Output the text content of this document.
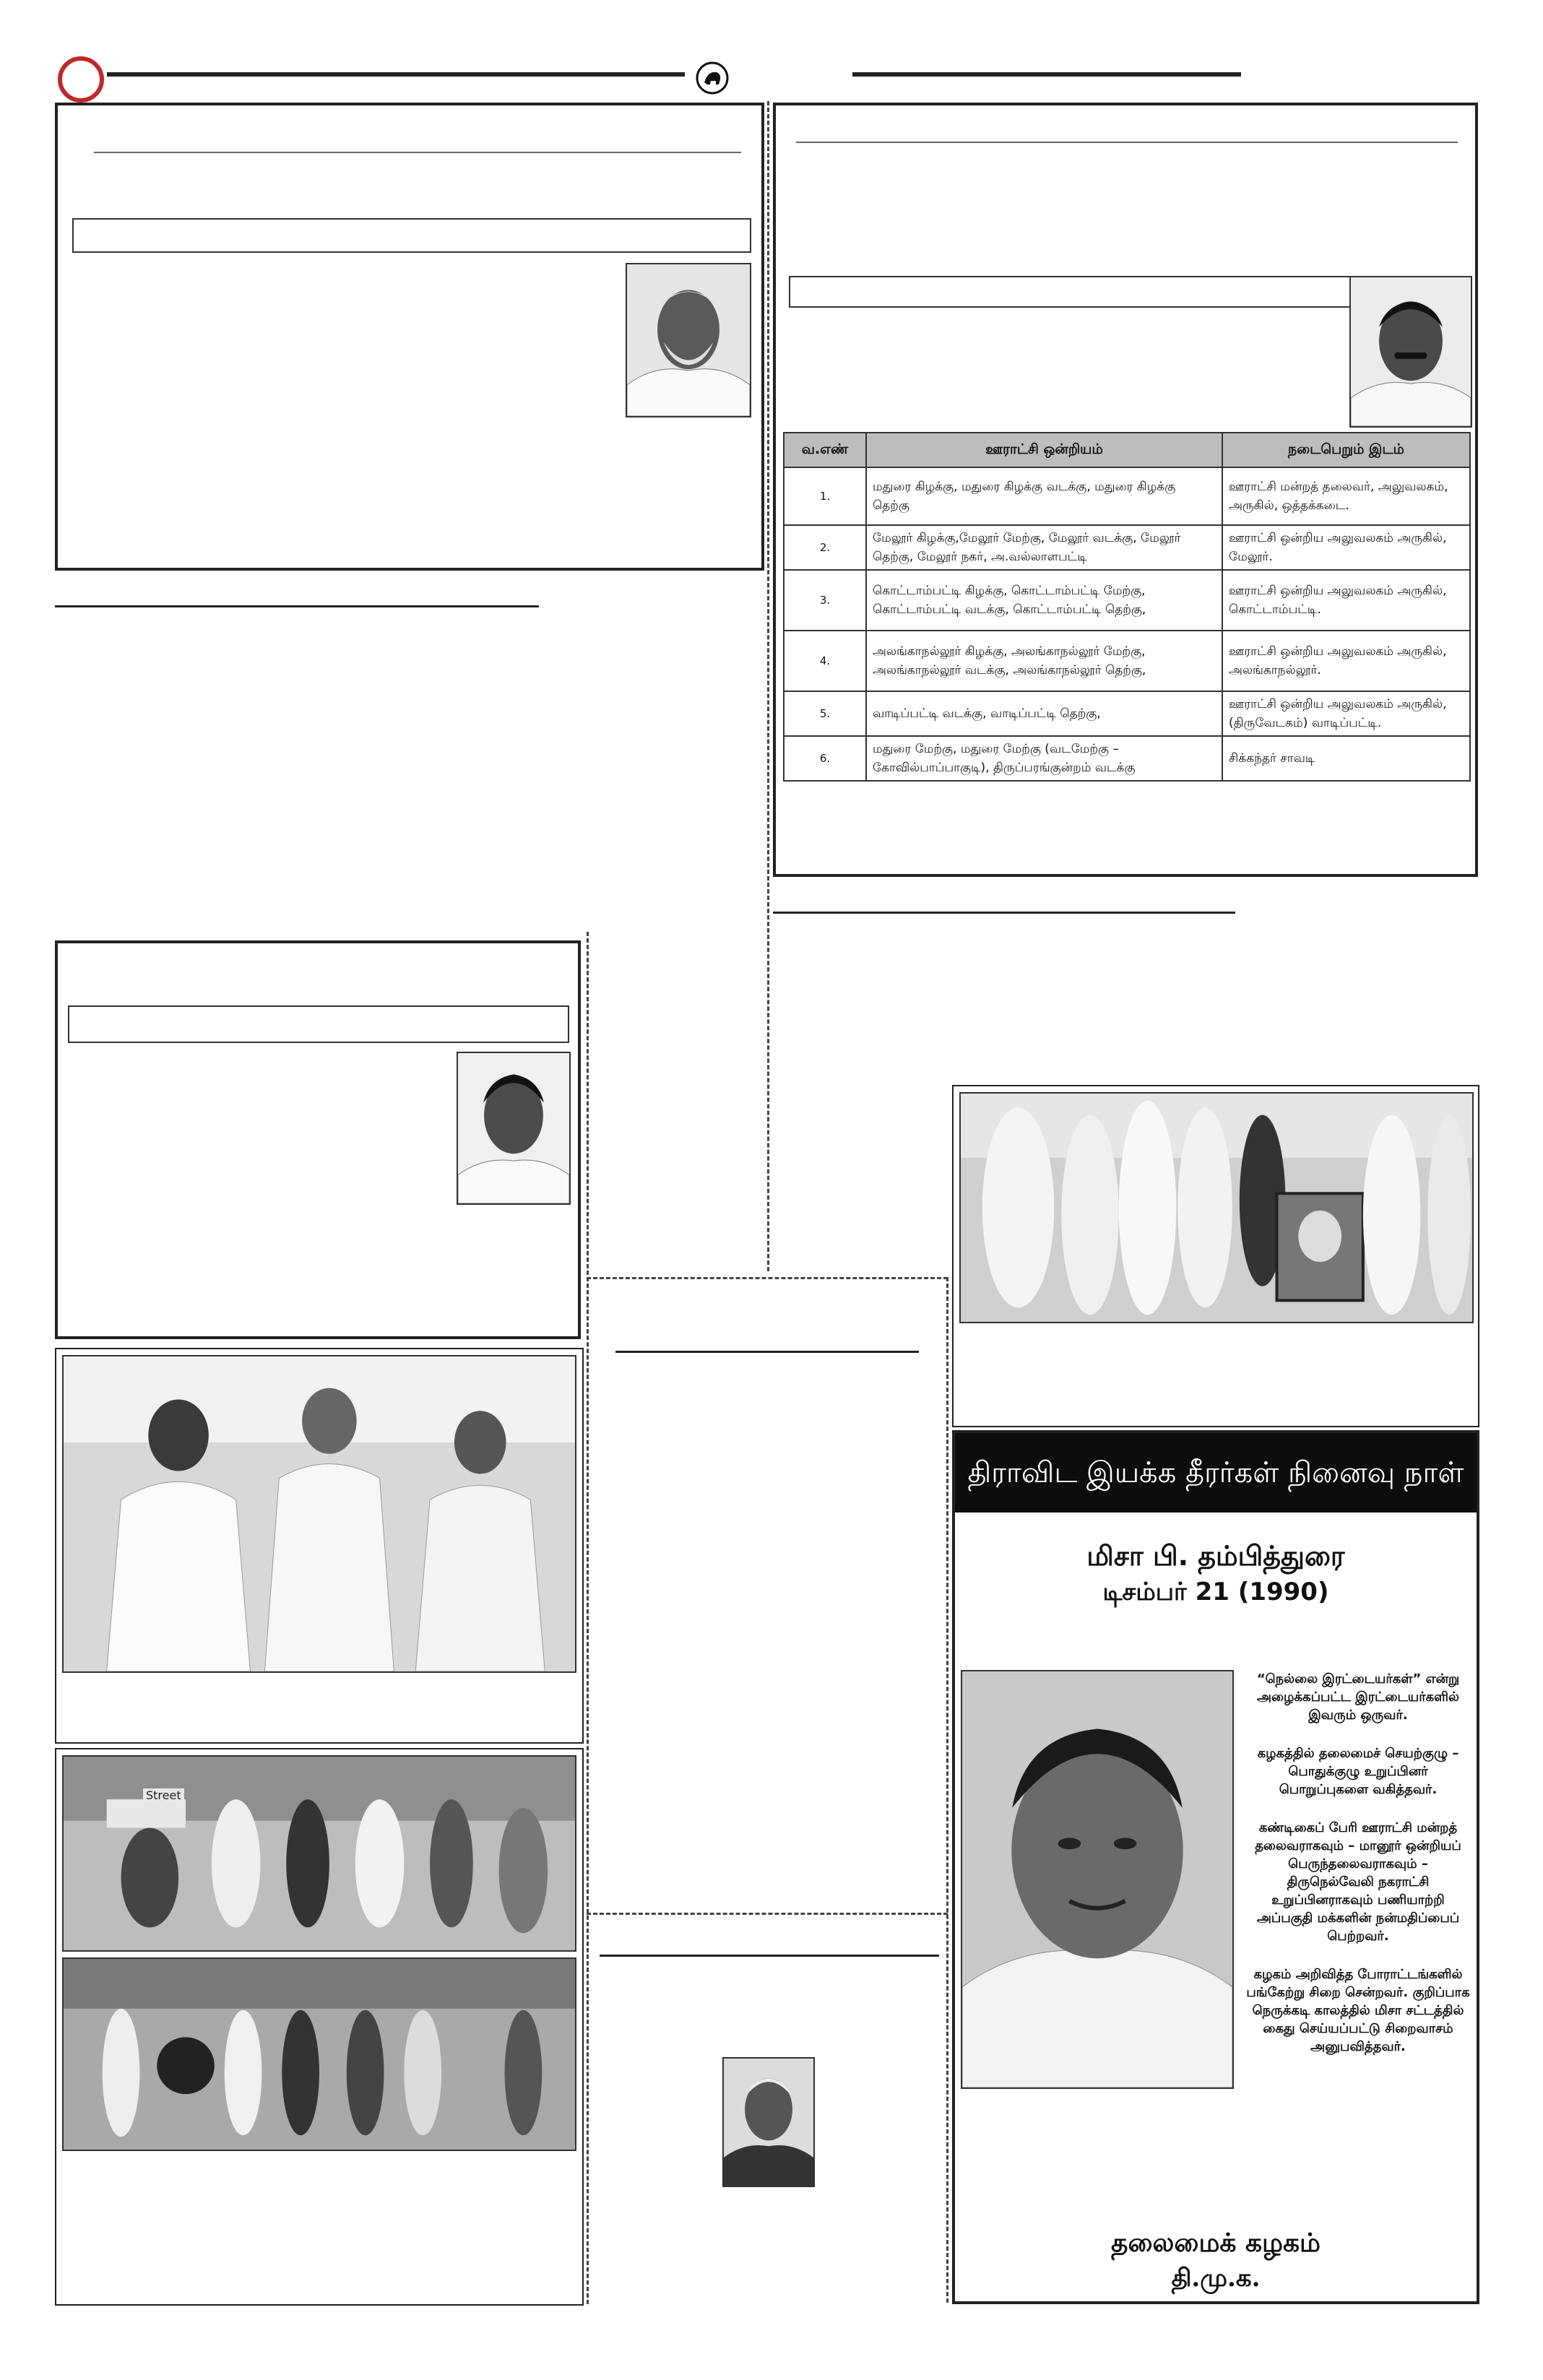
வ.எண்	ஊராட்சி ஒன்றியம்	நடைபெறும் இடம்
1.	மதுரை கிழக்கு, மதுரை கிழக்கு வடக்கு, மதுரை கிழக்கு தெற்கு	ஊராட்சி மன்றத் தலைவர், அலுவலகம், அருகில், ஒத்தக்கடை.
2.	மேலூர் கிழக்கு,மேலூர் மேற்கு, மேலூர் வடக்கு, மேலூர் தெற்கு, மேலூர் நகர், அ.வல்லாளபட்டி	ஊராட்சி ஒன்றிய அலுவலகம் அருகில், மேலூர்.
3.	கொட்டாம்பட்டி கிழக்கு, கொட்டாம்பட்டி மேற்கு, கொட்டாம்பட்டி வடக்கு, கொட்டாம்பட்டி தெற்கு,	ஊராட்சி ஒன்றிய அலுவலகம் அருகில், கொட்டாம்பட்டி.
4.	அலங்காநல்லூர் கிழக்கு, அலங்காநல்லூர் மேற்கு, அலங்காநல்லூர் வடக்கு, அலங்காநல்லூர் தெற்கு,	ஊராட்சி ஒன்றிய அலுவலகம் அருகில், அலங்காநல்லூர்.
5.	வாடிப்பட்டி வடக்கு, வாடிப்பட்டி தெற்கு,	ஊராட்சி ஒன்றிய அலுவலகம் அருகில்,(திருவேடகம்) வாடிப்பட்டி.
6.	மதுரை மேற்கு, மதுரை மேற்கு (வடமேற்கு – கோவில்பாப்பாகுடி), திருப்பரங்குன்றம் வடக்கு	சிக்கந்தர் சாவடி
Street
திராவிட இயக்க தீரர்கள் நினைவு நாள்
மிசா பி. தம்பித்துரை
டிசம்பர் 21 (1990)

“நெல்லை இரட்டையர்கள்” என்று அழைக்கப்பட்ட இரட்டையர்களில் இவரும் ஒருவர்.

கழகத்தில் தலைமைச் செயற்குழு – பொதுக்குழு உறுப்பினர் பொறுப்புகளை வகித்தவர்.

கண்டிகைப் பேரி ஊராட்சி மன்றத் தலைவராகவும் – மானூர் ஒன்றியப் பெருந்தலைவராகவும் – திருநெல்வேலி நகராட்சி உறுப்பினராகவும் பணியாற்றி அப்பகுதி மக்களின் நன்மதிப்பைப் பெற்றவர்.

கழகம் அறிவித்த போராட்டங்களில் பங்கேற்று சிறை சென்றவர். குறிப்பாக நெருக்கடி காலத்தில் மிசா சட்டத்தில் கைது செய்யப்பட்டு சிறைவாசம் அனுபவித்தவர்.

தலைமைக் கழகம்
தி.மு.க.
